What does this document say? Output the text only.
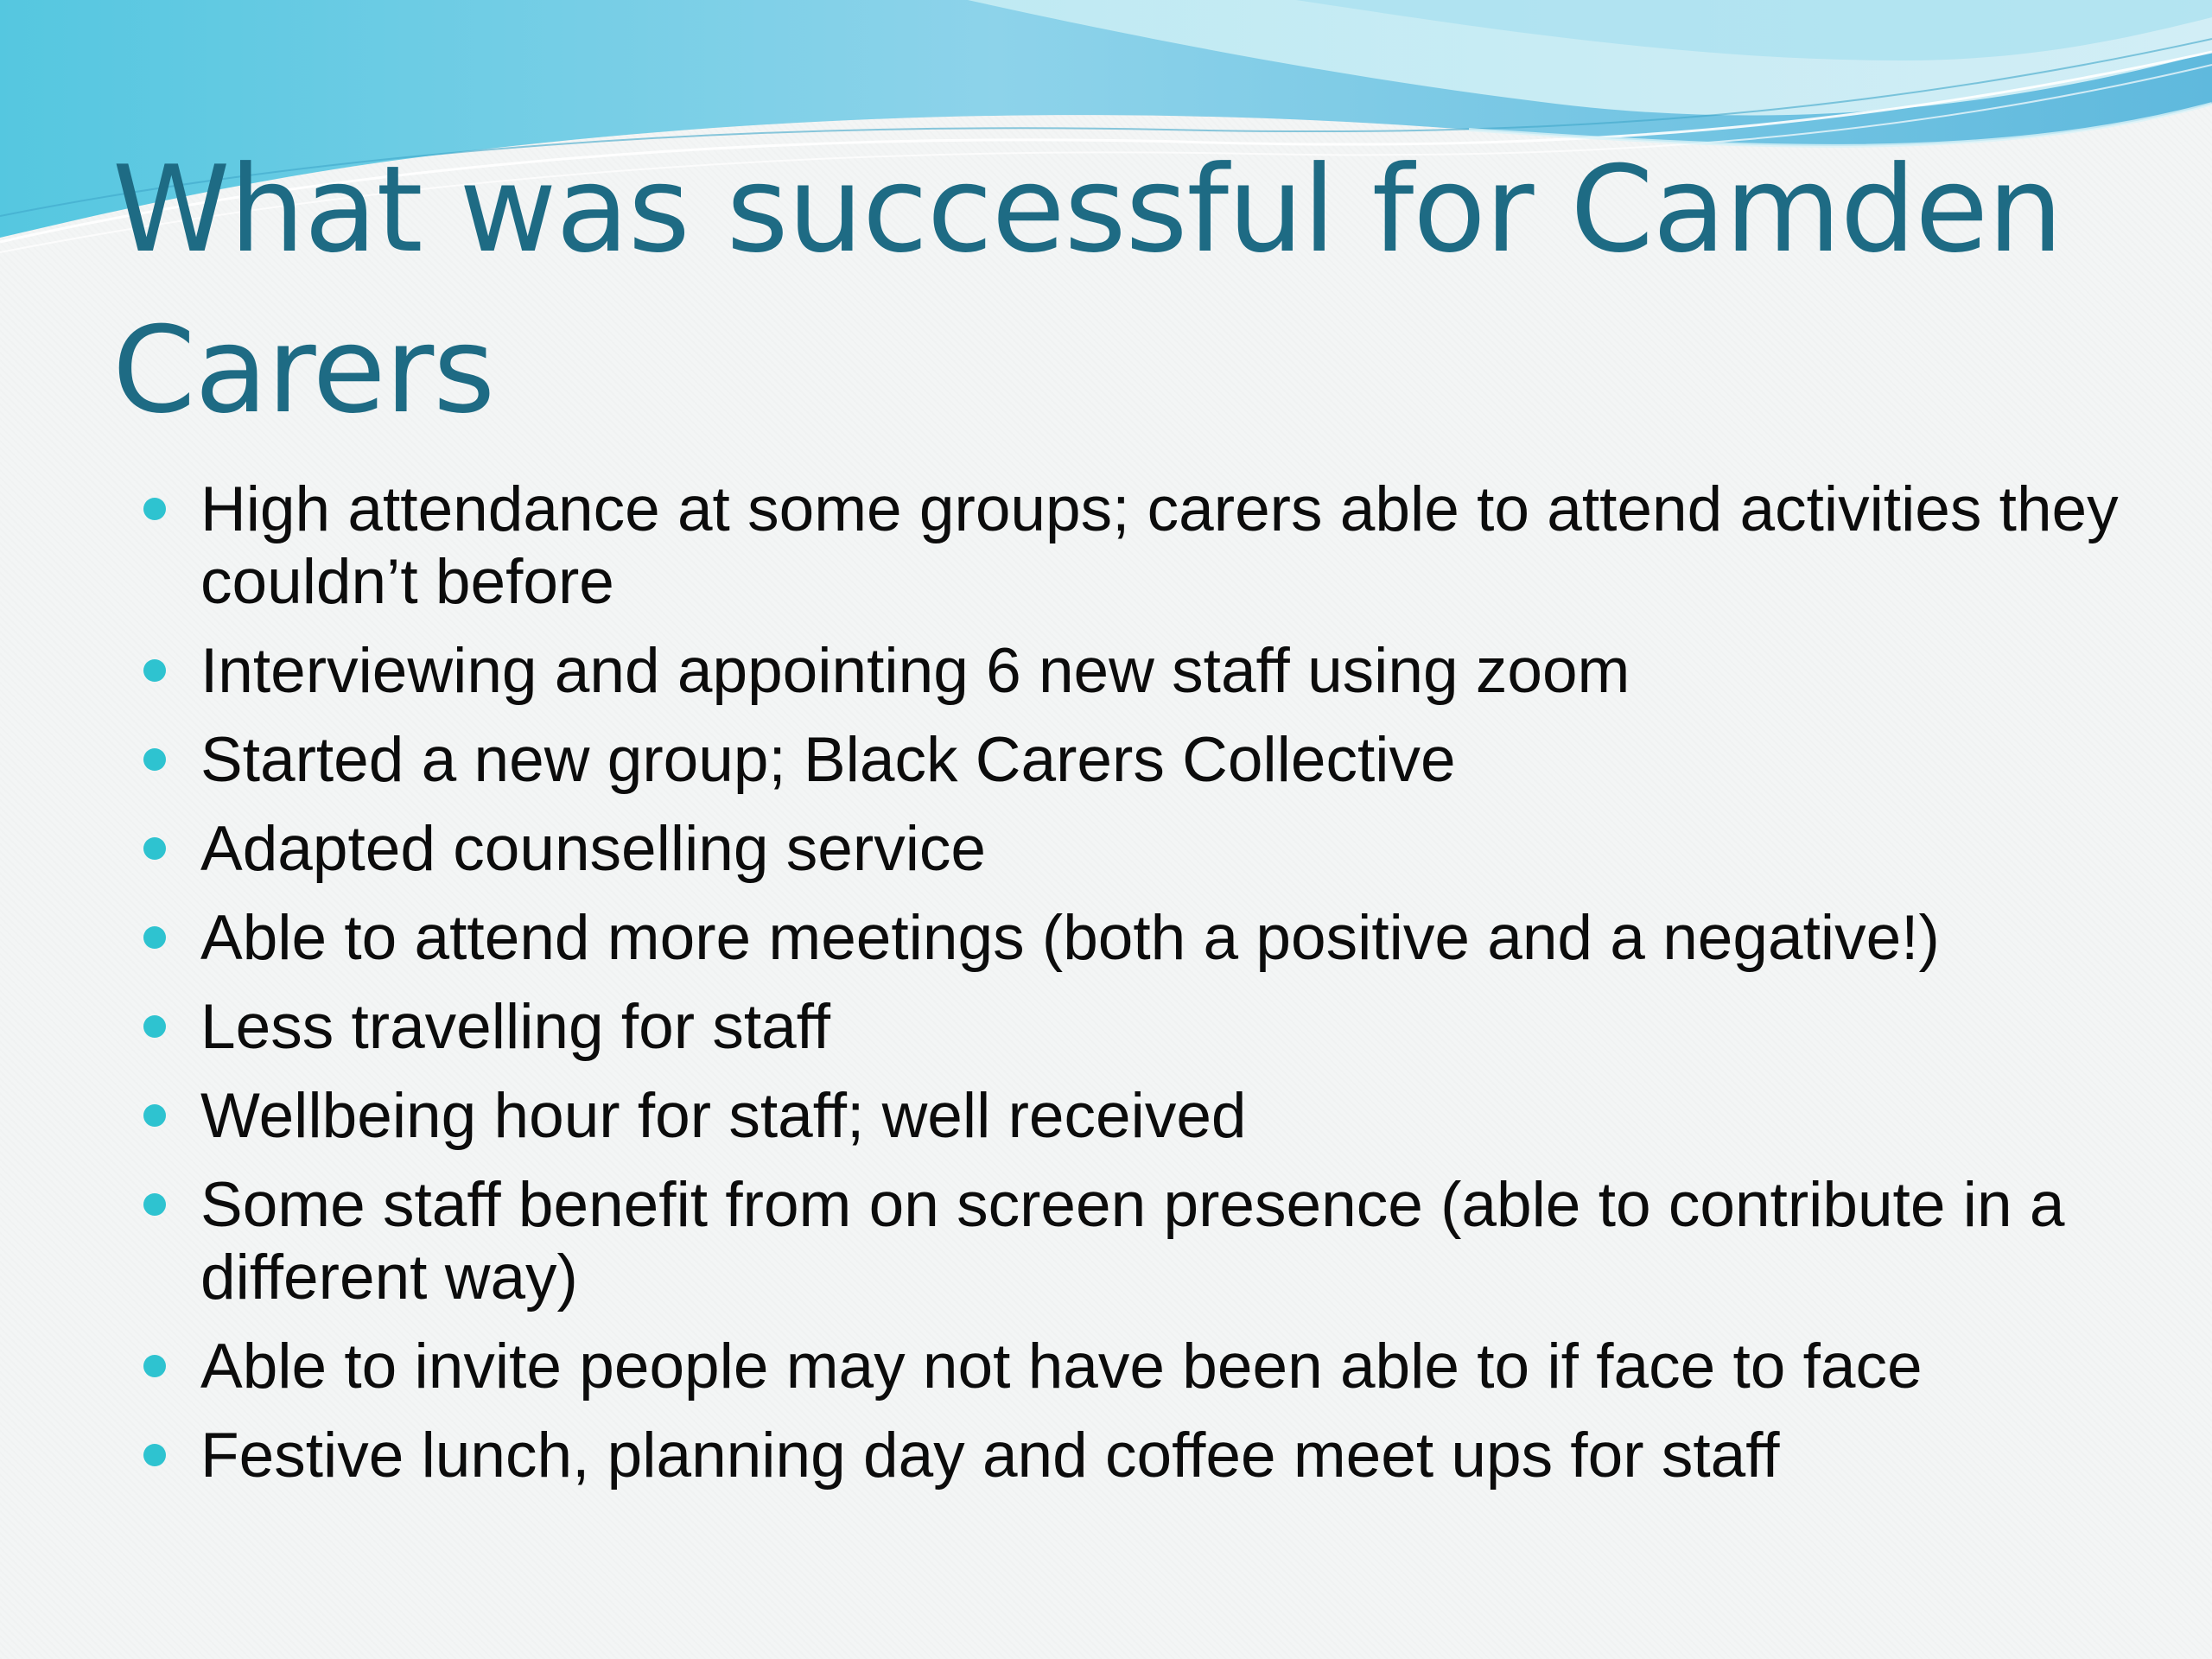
What was successful for Camden Carers
High attendance at some groups; carers able to attend activities they couldn’t before
Interviewing and appointing 6 new staff using zoom
Started a new group; Black Carers Collective
Adapted counselling service
Able to attend more meetings (both a positive and a negative!)
Less travelling for staff
Wellbeing hour for staff; well received
Some staff benefit from on screen presence (able to contribute in a different way)
Able to invite people may not have been able to if face to face
Festive lunch, planning day and coffee meet ups for staff
